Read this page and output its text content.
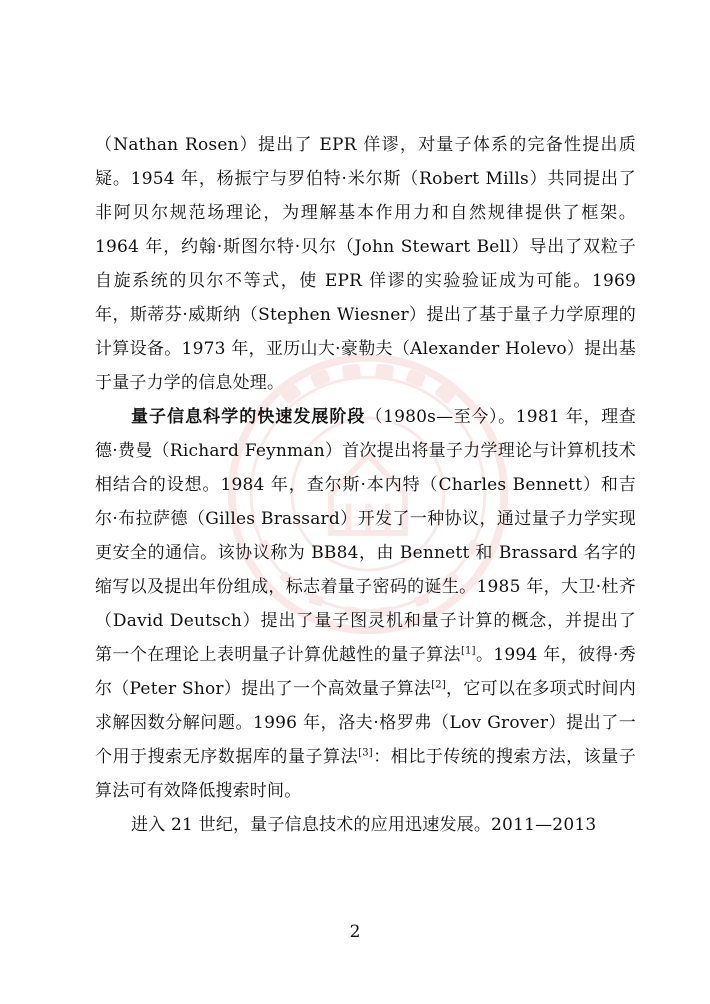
（Nathan Rosen）提出了 EPR 佯谬，对量子体系的完备性提出质疑。1954 年，杨振宁与罗伯特·米尔斯（Robert Mills）共同提出了非阿贝尔规范场理论，为理解基本作用力和自然规律提供了框架。1964 年，约翰·斯图尔特·贝尔（John Stewart Bell）导出了双粒子自旋系统的贝尔不等式，使 EPR 佯谬的实验验证成为可能。1969 年，斯蒂芬·威斯纳（Stephen Wiesner）提出了基于量子力学原理的计算设备。1973 年，亚历山大·豪勒夫（Alexander Holevo）提出基于量子力学的信息处理。

量子信息科学的快速发展阶段（1980s—至今）。1981 年，理查德·费曼（Richard Feynman）首次提出将量子力学理论与计算机技术相结合的设想。1984 年，查尔斯·本内特（Charles Bennett）和吉尔·布拉萨德（Gilles Brassard）开发了一种协议，通过量子力学实现更安全的通信。该协议称为 BB84，由 Bennett 和 Brassard 名字的缩写以及提出年份组成，标志着量子密码的诞生。1985 年，大卫·杜齐（David Deutsch）提出了量子图灵机和量子计算的概念，并提出了第一个在理论上表明量子计算优越性的量子算法[1]。1994 年，彼得·秀尔（Peter Shor）提出了一个高效量子算法[2]，它可以在多项式时间内求解因数分解问题。1996 年，洛夫·格罗弗（Lov Grover）提出了一个用于搜索无序数据库的量子算法[3]：相比于传统的搜索方法，该量子算法可有效降低搜索时间。

进入 21 世纪，量子信息技术的应用迅速发展。2011—2013

2
